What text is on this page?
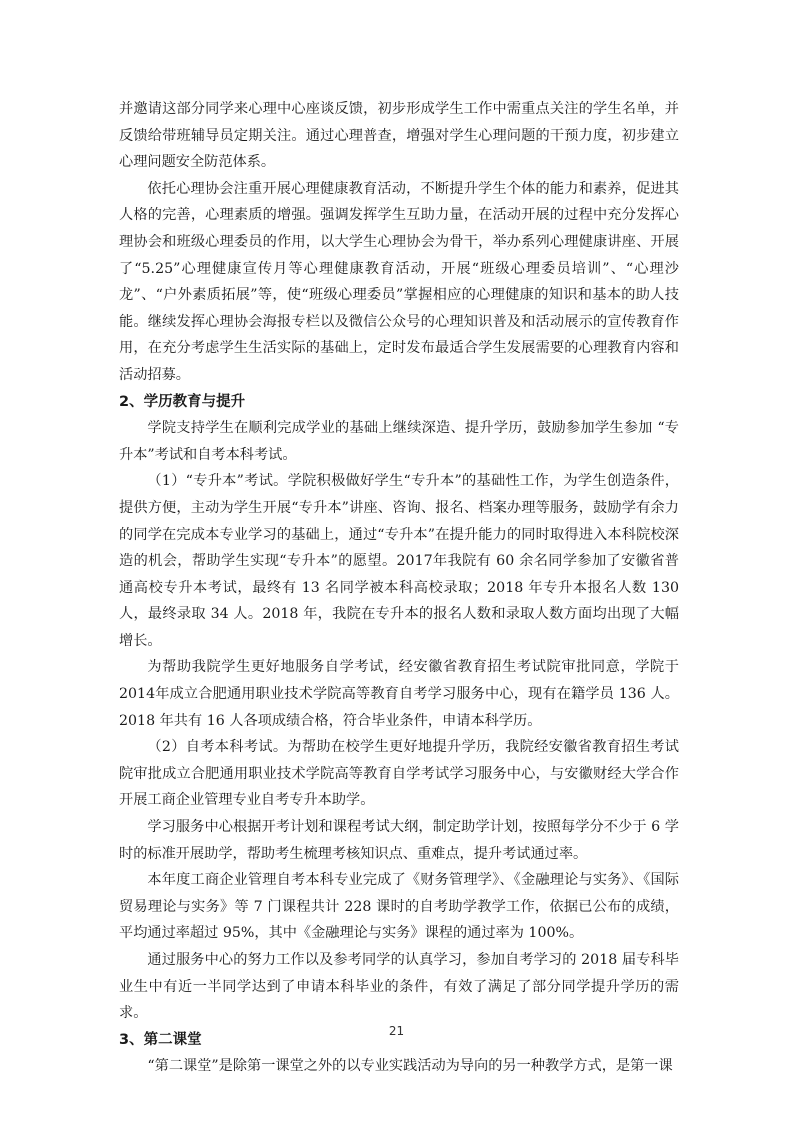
并邀请这部分同学来心理中心座谈反馈，初步形成学生工作中需重点关注的学生名单，并反馈给带班辅导员定期关注。通过心理普查，增强对学生心理问题的干预力度，初步建立心理问题安全防范体系。

依托心理协会注重开展心理健康教育活动，不断提升学生个体的能力和素养，促进其人格的完善，心理素质的增强。强调发挥学生互助力量，在活动开展的过程中充分发挥心理协会和班级心理委员的作用，以大学生心理协会为骨干，举办系列心理健康讲座、开展了“5.25”心理健康宣传月等心理健康教育活动，开展“班级心理委员培训”、“心理沙龙”、“户外素质拓展”等，使“班级心理委员”掌握相应的心理健康的知识和基本的助人技能。继续发挥心理协会海报专栏以及微信公众号的心理知识普及和活动展示的宣传教育作用，在充分考虑学生生活实际的基础上，定时发布最适合学生发展需要的心理教育内容和活动招募。

2、学历教育与提升

学院支持学生在顺利完成学业的基础上继续深造、提升学历，鼓励参加学生参加 “专升本”考试和自考本科考试。

（1）“专升本”考试。学院积极做好学生“专升本”的基础性工作，为学生创造条件，提供方便，主动为学生开展“专升本”讲座、咨询、报名、档案办理等服务，鼓励学有余力的同学在完成本专业学习的基础上，通过“专升本”在提升能力的同时取得进入本科院校深造的机会，帮助学生实现“专升本”的愿望。2017年我院有 60 余名同学参加了安徽省普通高校专升本考试，最终有 13 名同学被本科高校录取；2018 年专升本报名人数 130 人，最终录取 34 人。2018 年，我院在专升本的报名人数和录取人数方面均出现了大幅增长。

为帮助我院学生更好地服务自学考试，经安徽省教育招生考试院审批同意，学院于 2014年成立合肥通用职业技术学院高等教育自考学习服务中心，现有在籍学员 136 人。2018 年共有 16 人各项成绩合格，符合毕业条件，申请本科学历。

（2）自考本科考试。为帮助在校学生更好地提升学历，我院经安徽省教育招生考试院审批成立合肥通用职业技术学院高等教育自学考试学习服务中心，与安徽财经大学合作开展工商企业管理专业自考专升本助学。

学习服务中心根据开考计划和课程考试大纲，制定助学计划，按照每学分不少于 6 学时的标准开展助学，帮助考生梳理考核知识点、重难点，提升考试通过率。

本年度工商企业管理自考本科专业完成了《财务管理学》、《金融理论与实务》、《国际贸易理论与实务》等 7 门课程共计 228 课时的自考助学教学工作，依据已公布的成绩，平均通过率超过 95%，其中《金融理论与实务》课程的通过率为 100%。

通过服务中心的努力工作以及参考同学的认真学习，参加自考学习的 2018 届专科毕业生中有近一半同学达到了申请本科毕业的条件，有效了满足了部分同学提升学历的需求。

3、第二课堂

“第二课堂”是除第一课堂之外的以专业实践活动为导向的另一种教学方式，是第一课

21
